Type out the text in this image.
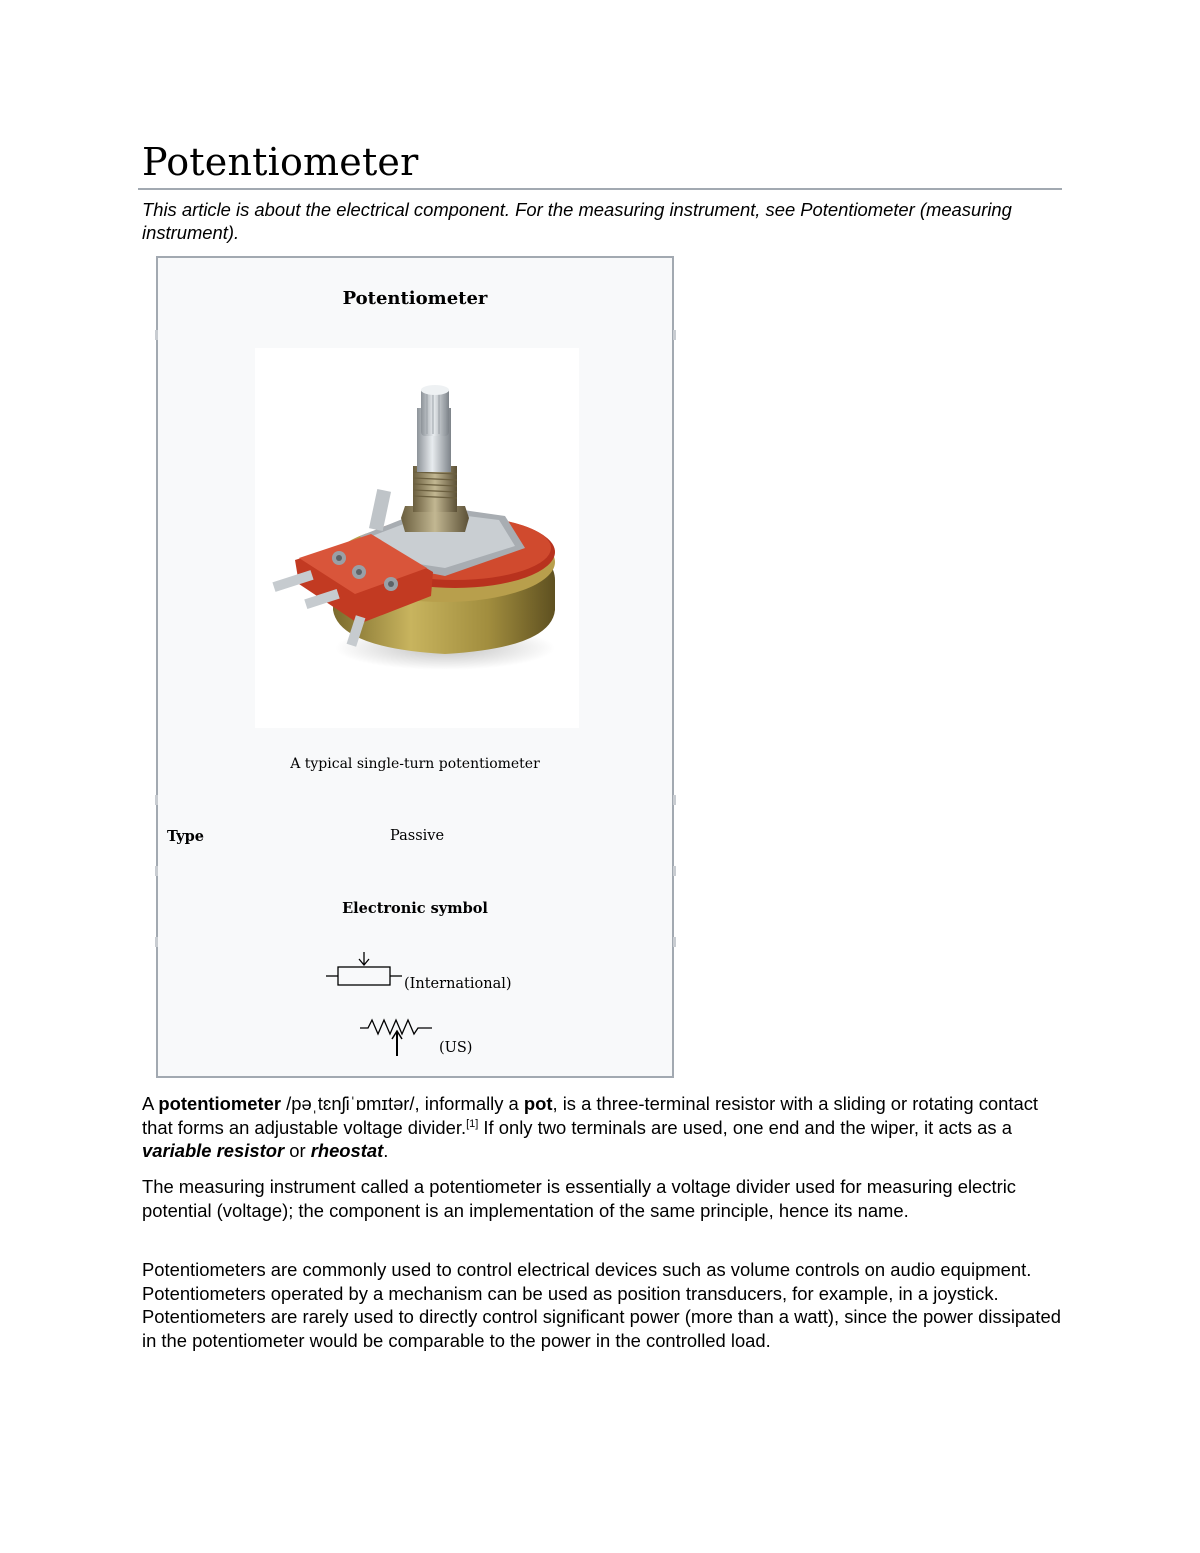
Potentiometer

This article is about the electrical component. For the measuring instrument, see Potentiometer (measuring instrument).

Potentiometer
A typical single-turn potentiometer
Type	Passive
Electronic symbol
(International)
(US)

A potentiometer /pəˌtɛnʃiˈɒmɪtər/, informally a pot, is a three-terminal resistor with a sliding or rotating contact that forms an adjustable voltage divider.[1] If only two terminals are used, one end and the wiper, it acts as a variable resistor or rheostat.

The measuring instrument called a potentiometer is essentially a voltage divider used for measuring electric potential (voltage); the component is an implementation of the same principle, hence its name.

Potentiometers are commonly used to control electrical devices such as volume controls on audio equipment. Potentiometers operated by a mechanism can be used as position transducers, for example, in a joystick. Potentiometers are rarely used to directly control significant power (more than a watt), since the power dissipated in the potentiometer would be comparable to the power in the controlled load.
